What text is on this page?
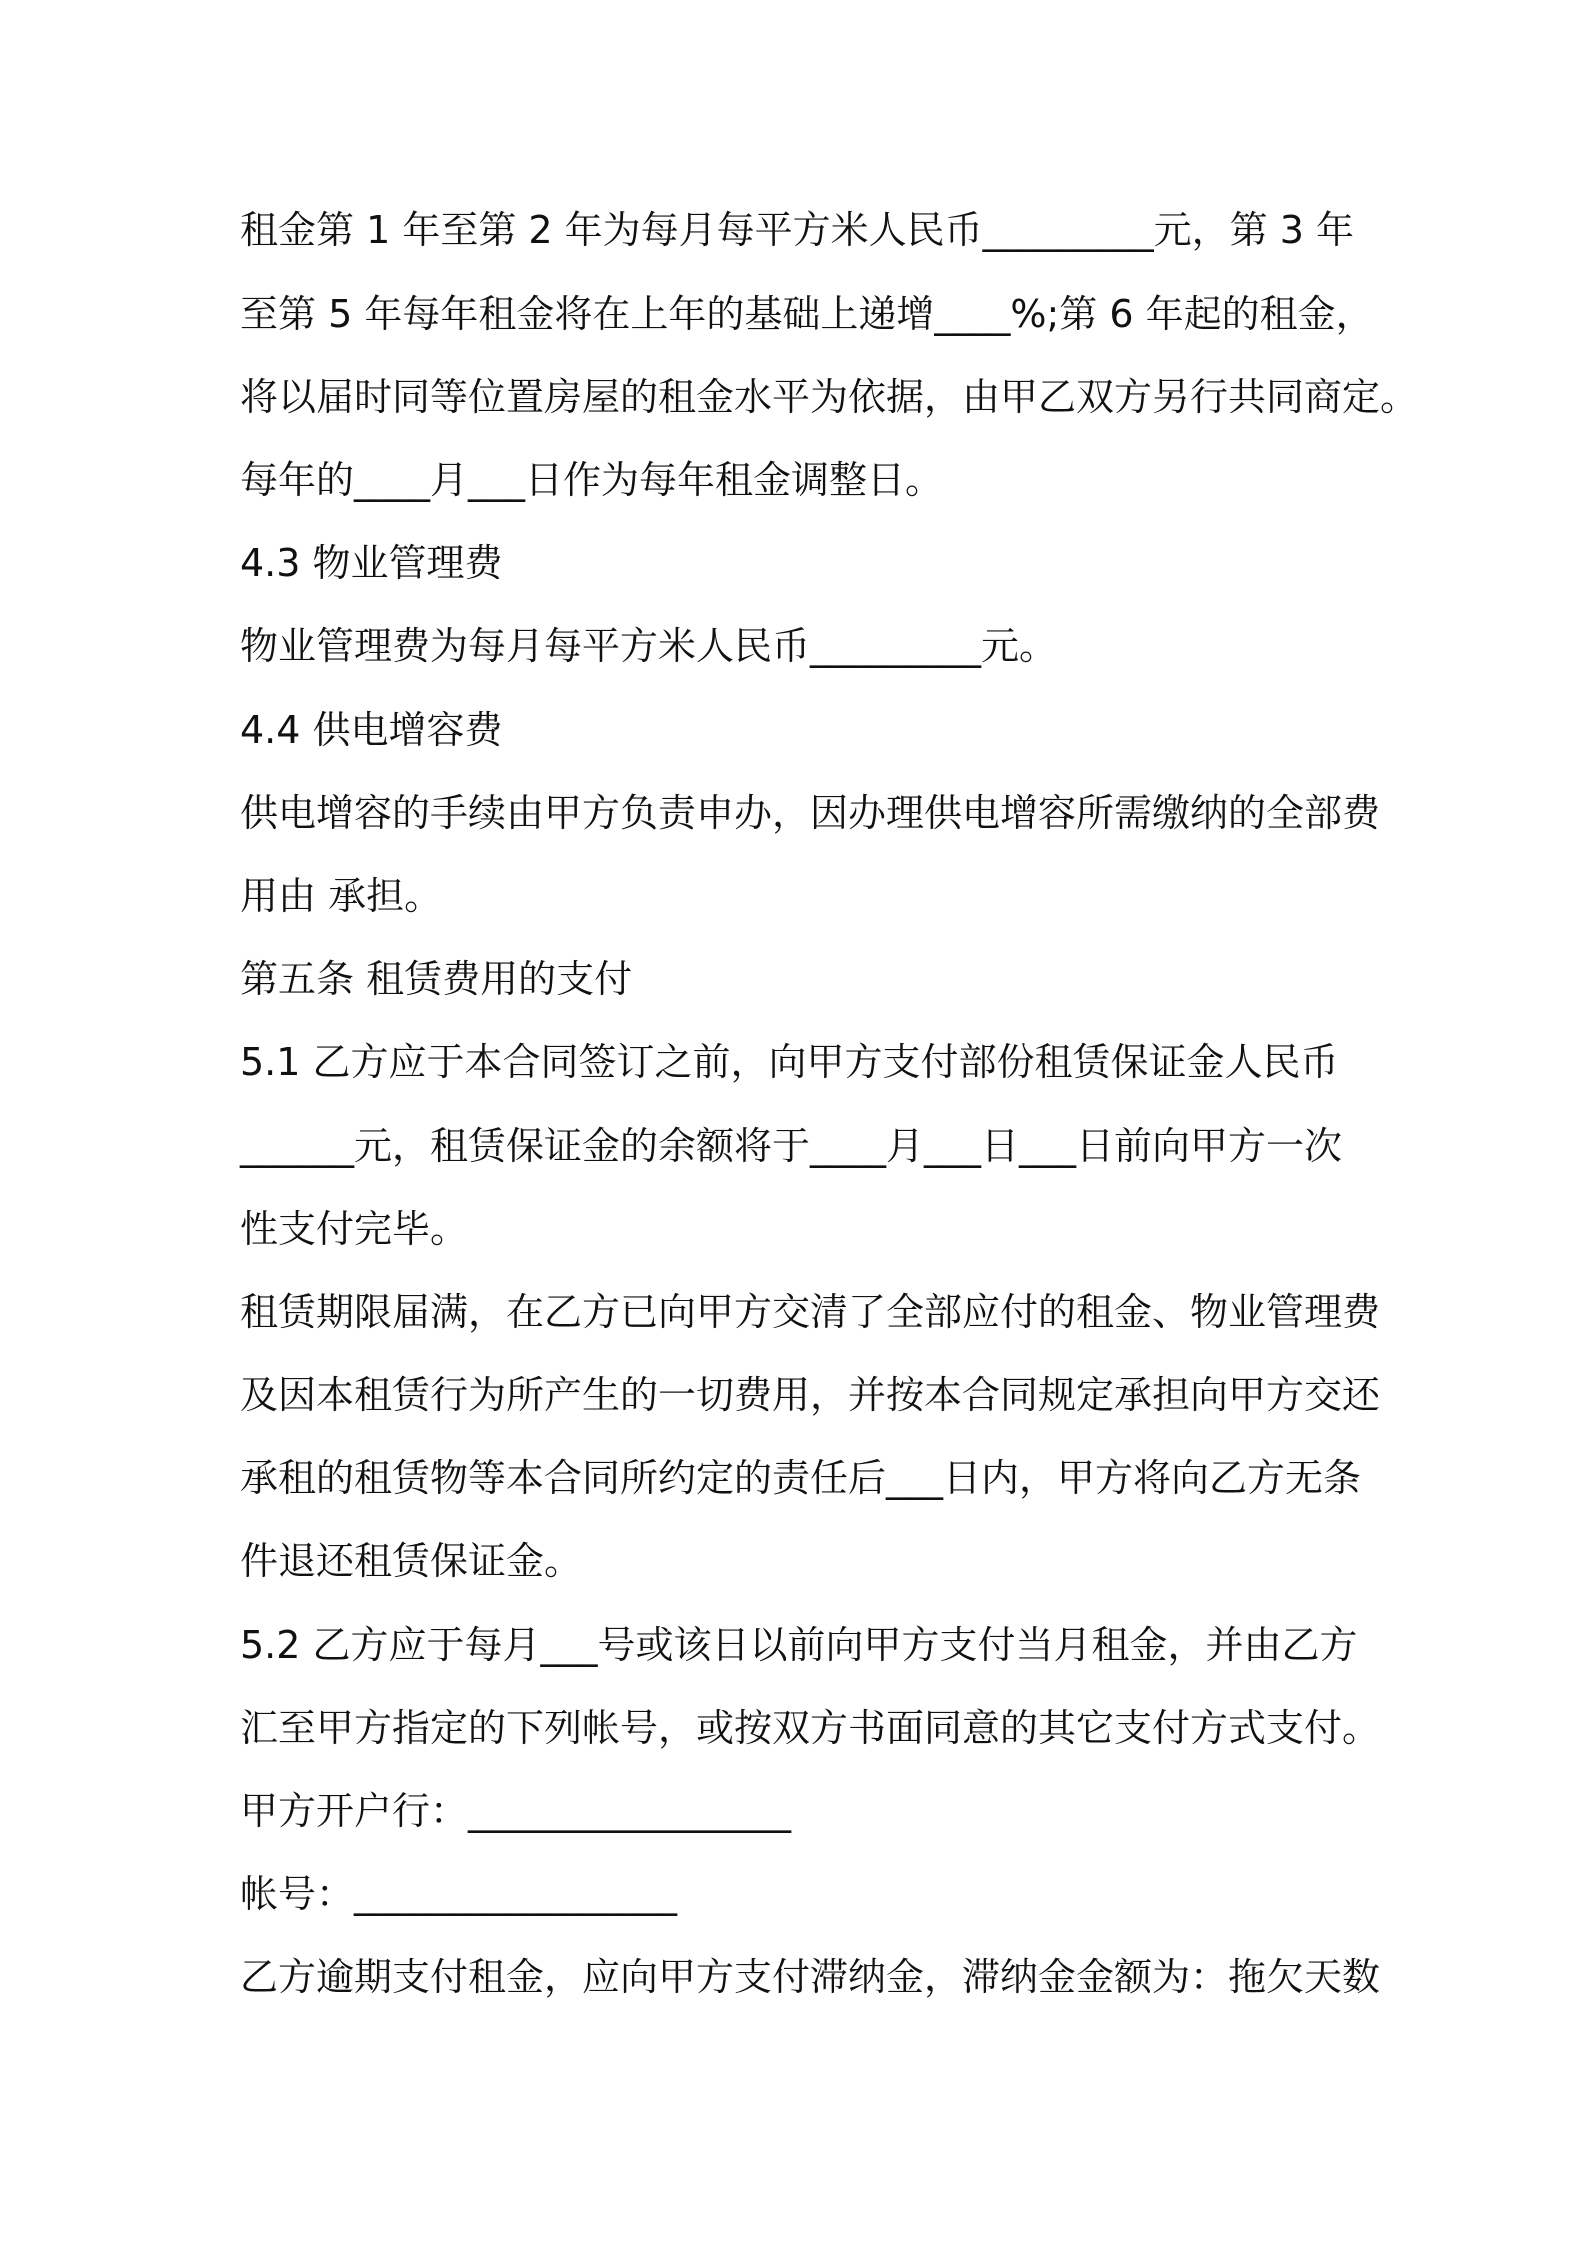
租金第 1 年至第 2 年为每月每平方米人民币_________元，第 3 年
至第 5 年每年租金将在上年的基础上递增____%;第 6 年起的租金，
将以届时同等位置房屋的租金水平为依据，由甲乙双方另行共同商定。
每年的____月___日作为每年租金调整日。
4.3 物业管理费
物业管理费为每月每平方米人民币_________元。
4.4 供电增容费
供电增容的手续由甲方负责申办，因办理供电增容所需缴纳的全部费
用由 承担。
第五条 租赁费用的支付
5.1 乙方应于本合同签订之前，向甲方支付部份租赁保证金人民币
______元，租赁保证金的余额将于____月___日___日前向甲方一次
性支付完毕。
租赁期限届满，在乙方已向甲方交清了全部应付的租金、物业管理费
及因本租赁行为所产生的一切费用，并按本合同规定承担向甲方交还
承租的租赁物等本合同所约定的责任后___日内，甲方将向乙方无条
件退还租赁保证金。
5.2 乙方应于每月___号或该日以前向甲方支付当月租金，并由乙方
汇至甲方指定的下列帐号，或按双方书面同意的其它支付方式支付。
甲方开户行：_________________
帐号：_________________
乙方逾期支付租金，应向甲方支付滞纳金，滞纳金金额为：拖欠天数
